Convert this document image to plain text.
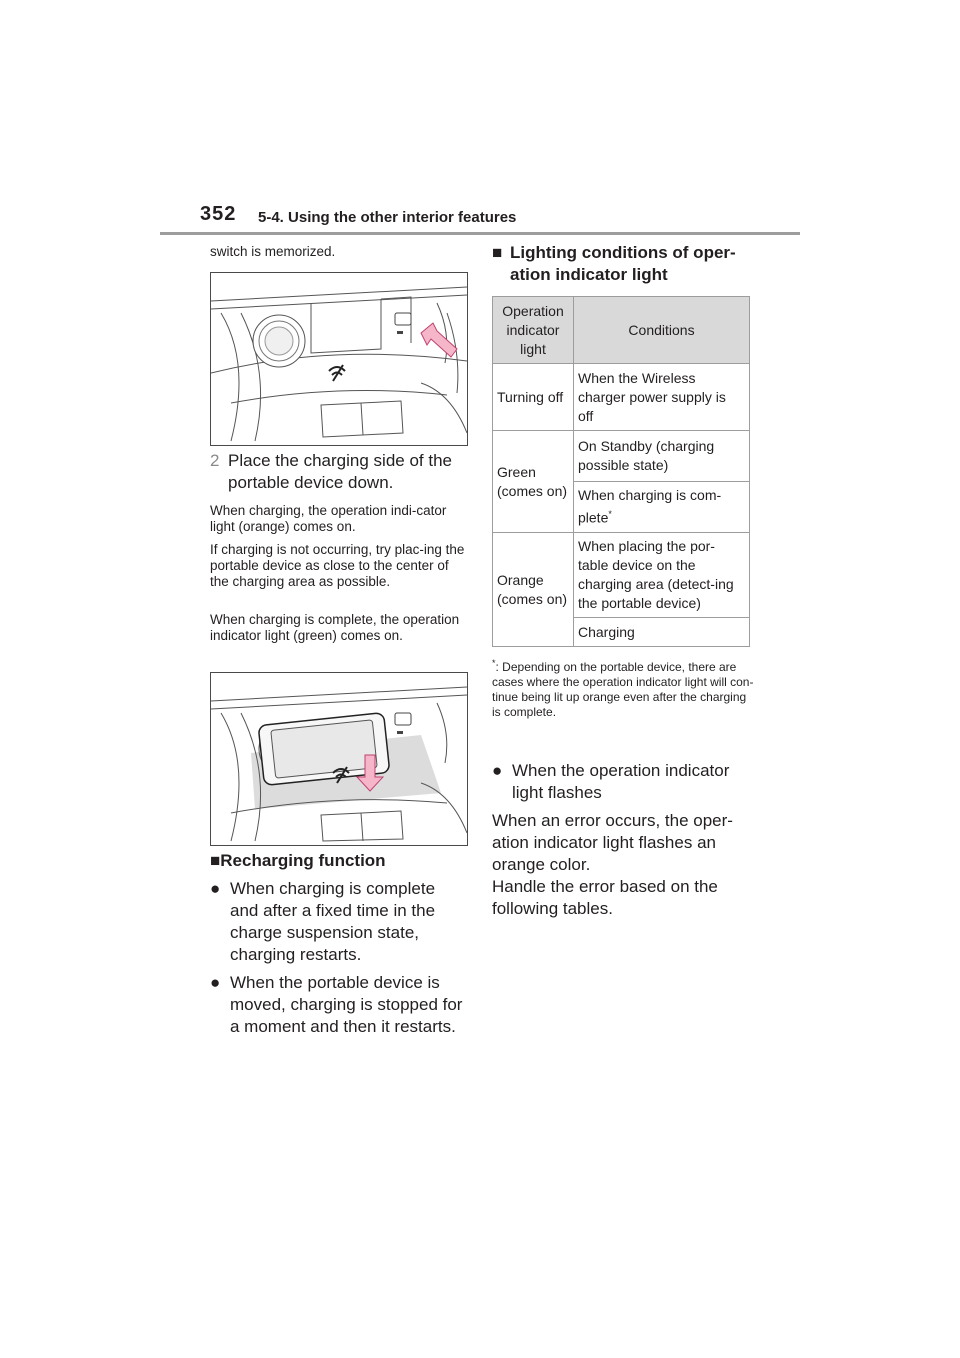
352 5-4. Using the other interior features
switch is memorized.
2 Place the charging side of the portable device down.
When charging, the operation indi-cator light (orange) comes on.
If charging is not occurring, try plac-ing the portable device as close to the center of the charging area as possible.
When charging is complete, the operation indicator light (green) comes on.
■Recharging function
● When charging is complete and after a fixed time in the charge suspension state, charging restarts.
● When the portable device is moved, charging is stopped for a moment and then it restarts.
■ Lighting conditions of oper-ation indicator light
Operation indicator light	Conditions
Turning off	When the Wireless charger power supply is off
Green (comes on)	On Standby (charging possible state)
	When charging is com-plete*
Orange (comes on)	When placing the por-table device on the charging area (detect-ing the portable device)
	Charging
*: Depending on the portable device, there are cases where the operation indicator light will con-tinue being lit up orange even after the charging is complete.
● When the operation indicator light flashes
When an error occurs, the oper-ation indicator light flashes an orange color.
Handle the error based on the following tables.
